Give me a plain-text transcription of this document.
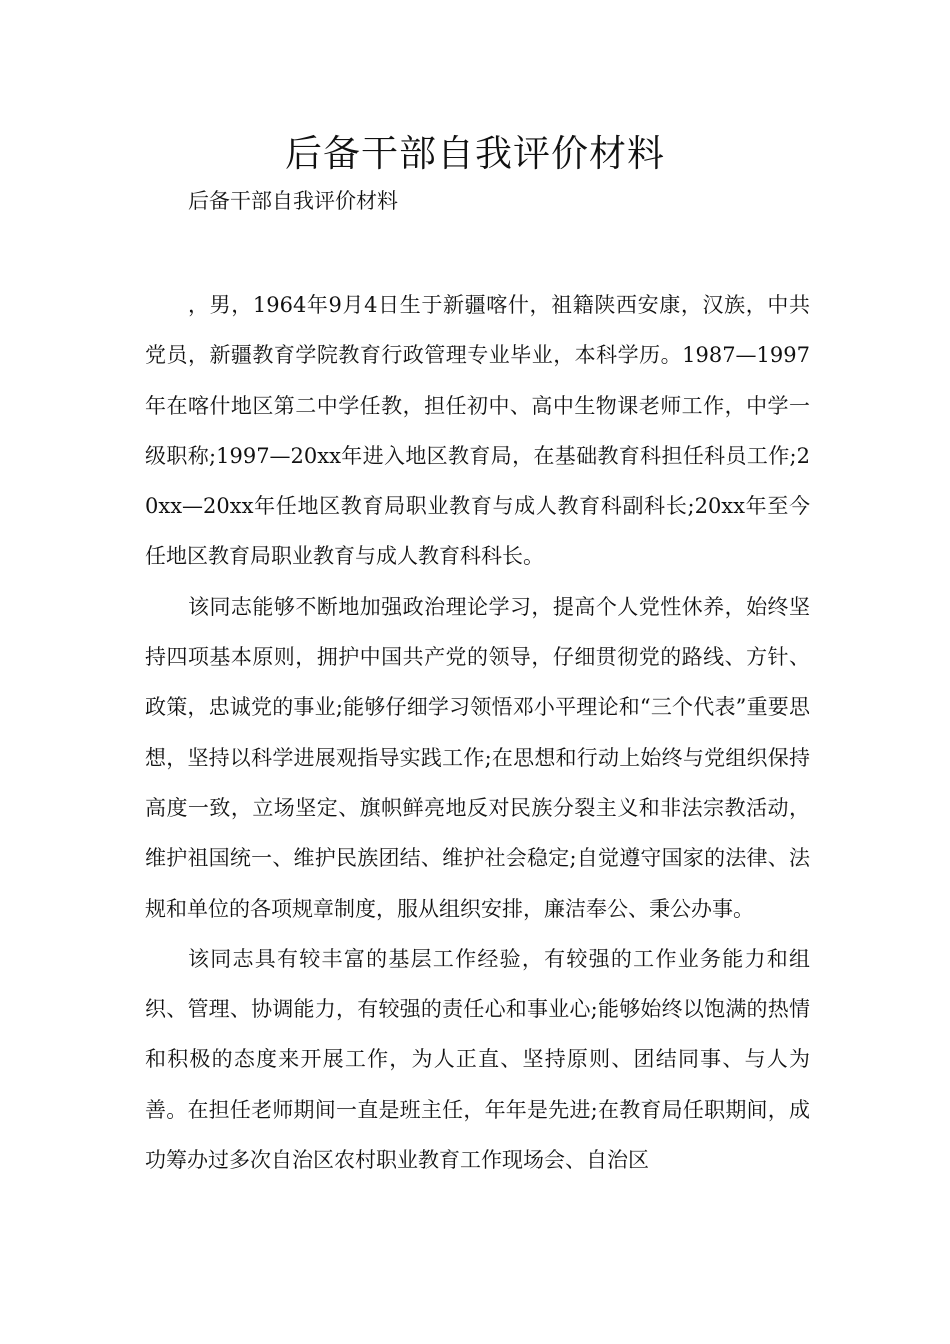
后备干部自我评价材料

后备干部自我评价材料

，男，1964年9月4日生于新疆喀什，祖籍陕西安康，汉族，中共党员，新疆教育学院教育行政管理专业毕业，本科学历。1987—1997年在喀什地区第二中学任教，担任初中、高中生物课老师工作，中学一级职称;1997—20xx年进入地区教育局，在基础教育科担任科员工作;20xx—20xx年任地区教育局职业教育与成人教育科副科长;20xx年至今任地区教育局职业教育与成人教育科科长。

该同志能够不断地加强政治理论学习，提高个人党性休养，始终坚持四项基本原则，拥护中国共产党的领导，仔细贯彻党的路线、方针、政策，忠诚党的事业;能够仔细学习领悟邓小平理论和“三个代表”重要思想，坚持以科学进展观指导实践工作;在思想和行动上始终与党组织保持高度一致，立场坚定、旗帜鲜亮地反对民族分裂主义和非法宗教活动，维护祖国统一、维护民族团结、维护社会稳定;自觉遵守国家的法律、法规和单位的各项规章制度，服从组织安排，廉洁奉公、秉公办事。

该同志具有较丰富的基层工作经验，有较强的工作业务能力和组织、管理、协调能力，有较强的责任心和事业心;能够始终以饱满的热情和积极的态度来开展工作，为人正直、坚持原则、团结同事、与人为善。在担任老师期间一直是班主任，年年是先进;在教育局任职期间，成功筹办过多次自治区农村职业教育工作现场会、自治区
